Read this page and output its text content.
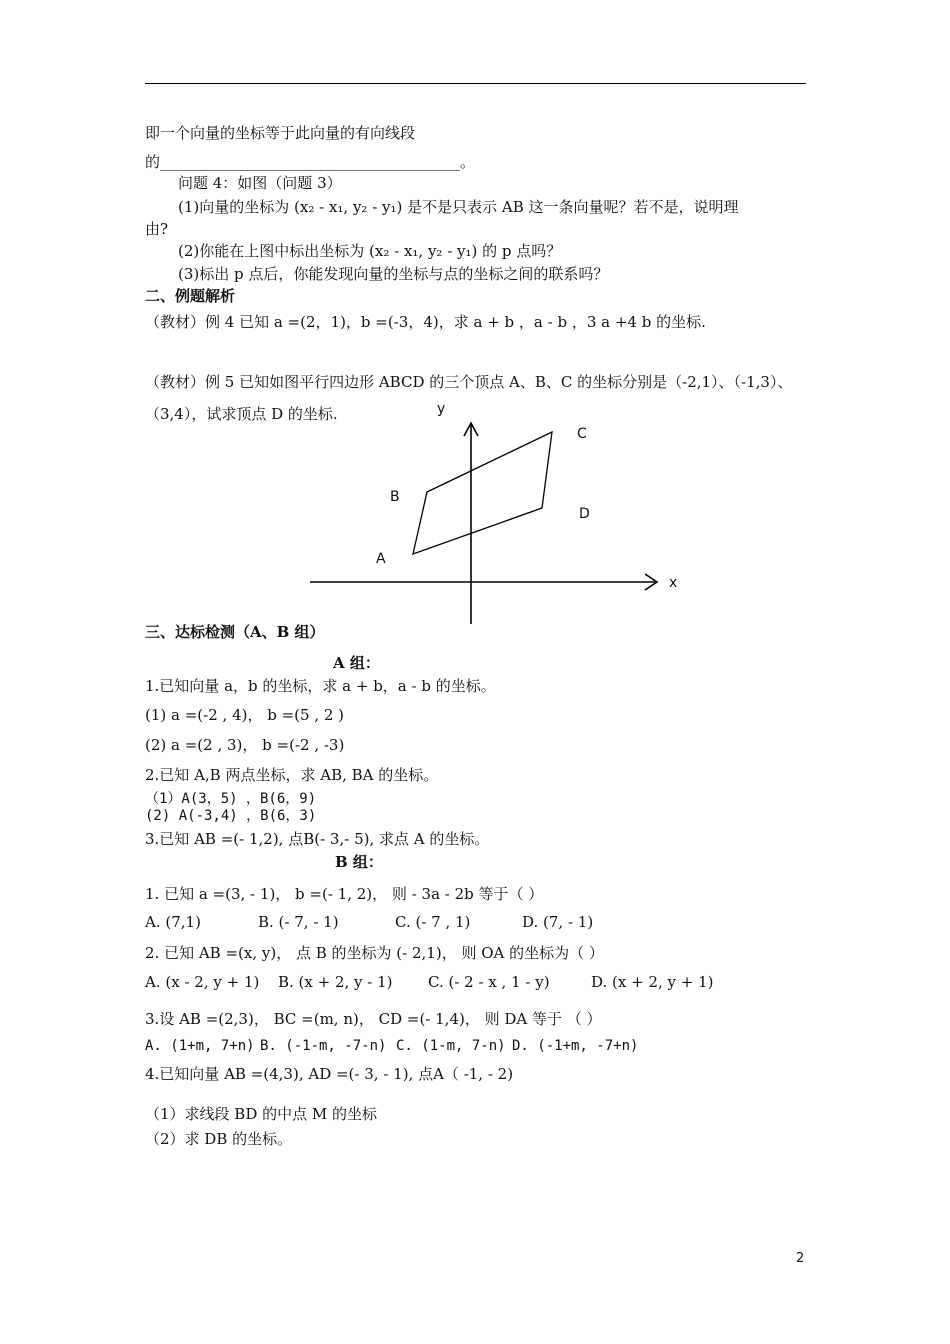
即一个向量的坐标等于此向量的有向线段
的________________________________________。
问题 4：如图（问题 3）
(1)向量的坐标为 (x₂ - x₁, y₂ - y₁) 是不是只表示 AB 这一条向量呢？若不是，说明理
由?
(2)你能在上图中标出坐标为 (x₂ - x₁, y₂ - y₁) 的 p 点吗？
(3)标出 p 点后，你能发现向量的坐标与点的坐标之间的联系吗？
二、例题解析
（教材）例 4 已知 a =(2，1)，b =(-3，4)，求 a + b ，a - b ，3 a +4 b 的坐标.
（教材）例 5 已知如图平行四边形 ABCD 的三个顶点 A、B、C 的坐标分别是（-2,1）、（-1,3）、
（3,4），试求顶点 D 的坐标.
x
y
A
B
C
D
三、达标检测（A、B 组）
A 组：
1.已知向量 a，b 的坐标，求 a + b，a - b 的坐标。
(1) a =(-2 , 4)， b =(5 , 2 )
(2) a =(2 , 3)， b =(-2 , -3)
2.已知 A,B 两点坐标，求 AB, BA 的坐标。
（1）A(3，5) ，B(6，9)
(2) A(-3,4) ，B(6，3)
3.已知 AB =(- 1,2), 点B(- 3,- 5), 求点 A 的坐标。
B 组：
1. 已知 a =(3, - 1)， b =(- 1, 2)， 则 - 3a - 2b 等于（ ）
A. (7,1)	B. (- 7, - 1)	C. (- 7 , 1)	D. (7, - 1)
2. 已知 AB =(x, y)， 点 B 的坐标为 (- 2,1)， 则 OA 的坐标为（ ）
A. (x - 2, y + 1) B. (x + 2, y - 1) C. (- 2 - x , 1 - y)	D. (x + 2, y + 1)
3.设 AB =(2,3)， BC =(m, n)， CD =(- 1,4)， 则 DA 等于 （ ）
A. (1+m, 7+n) B. (-1-m, -7-n) C. (1-m, 7-n) D. (-1+m, -7+n)
4.已知向量 AB =(4,3), AD =(- 3, - 1), 点A（ -1, - 2)
（1）求线段 BD 的中点 M 的坐标
（2）求 DB 的坐标。
2
